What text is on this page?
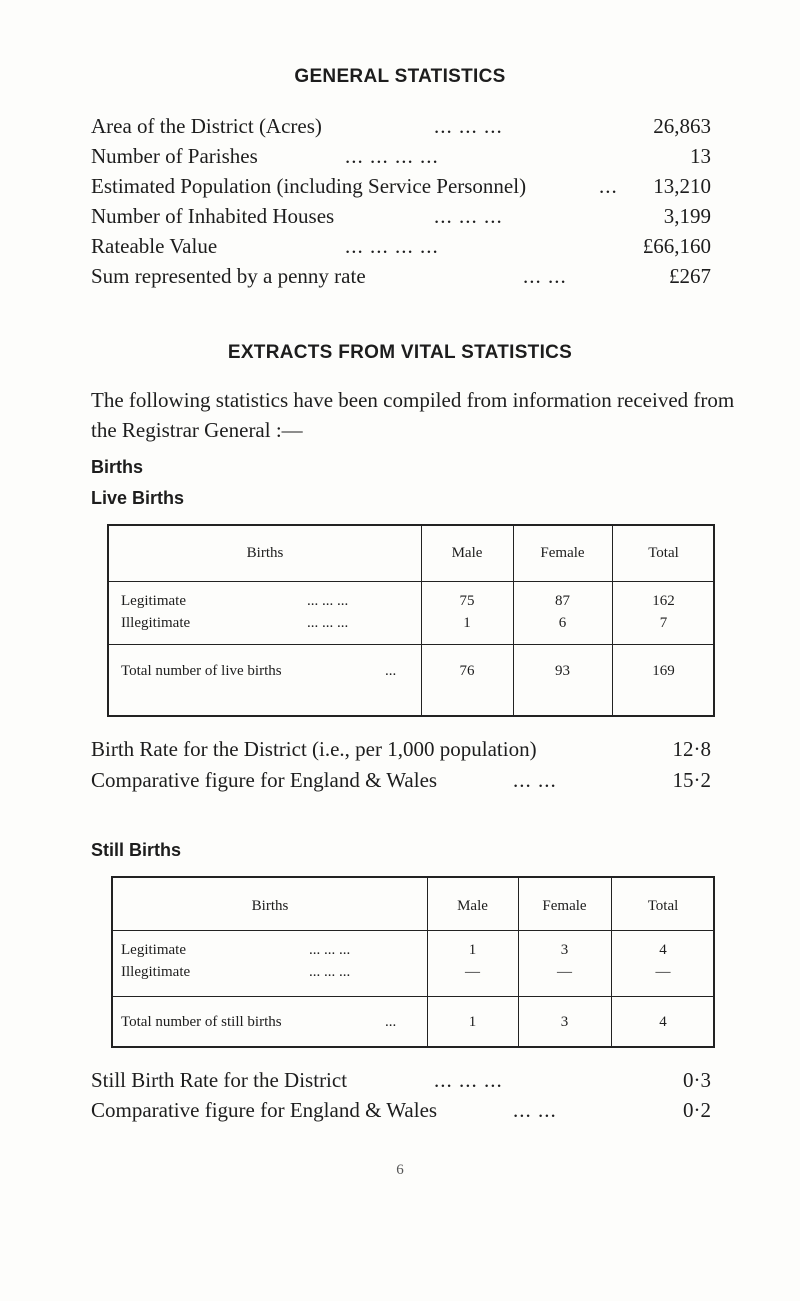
GENERAL STATISTICS
Area of the District (Acres)	... ... ...	26,863
Number of Parishes	... ... ... ...	13
Estimated Population (including Service Personnel)	... 13,210
Number of Inhabited Houses	... ... ...	3,199
Rateable Value	... ... ... ...	£66,160
Sum represented by a penny rate	... ...	£267
EXTRACTS FROM VITAL STATISTICS
The following statistics have been compiled from information received from the Registrar General :—
Births
Live Births
Births	Male	Female	Total
Legitimate	... ... ...	75	87	162
Illegitimate	... ... ...	1	6	7
Total number of live births	...	76	93	169
Birth Rate for the District (i.e., per 1,000 population)	12·8
Comparative figure for England & Wales	... ...	15·2
Still Births
Births	Male	Female	Total
Legitimate	... ... ...	1	3	4
Illegitimate	... ... ...	—	—	—
Total number of still births	...	1	3	4
Still Birth Rate for the District	... ... ...	0·3
Comparative figure for England & Wales	... ...	0·2
6
